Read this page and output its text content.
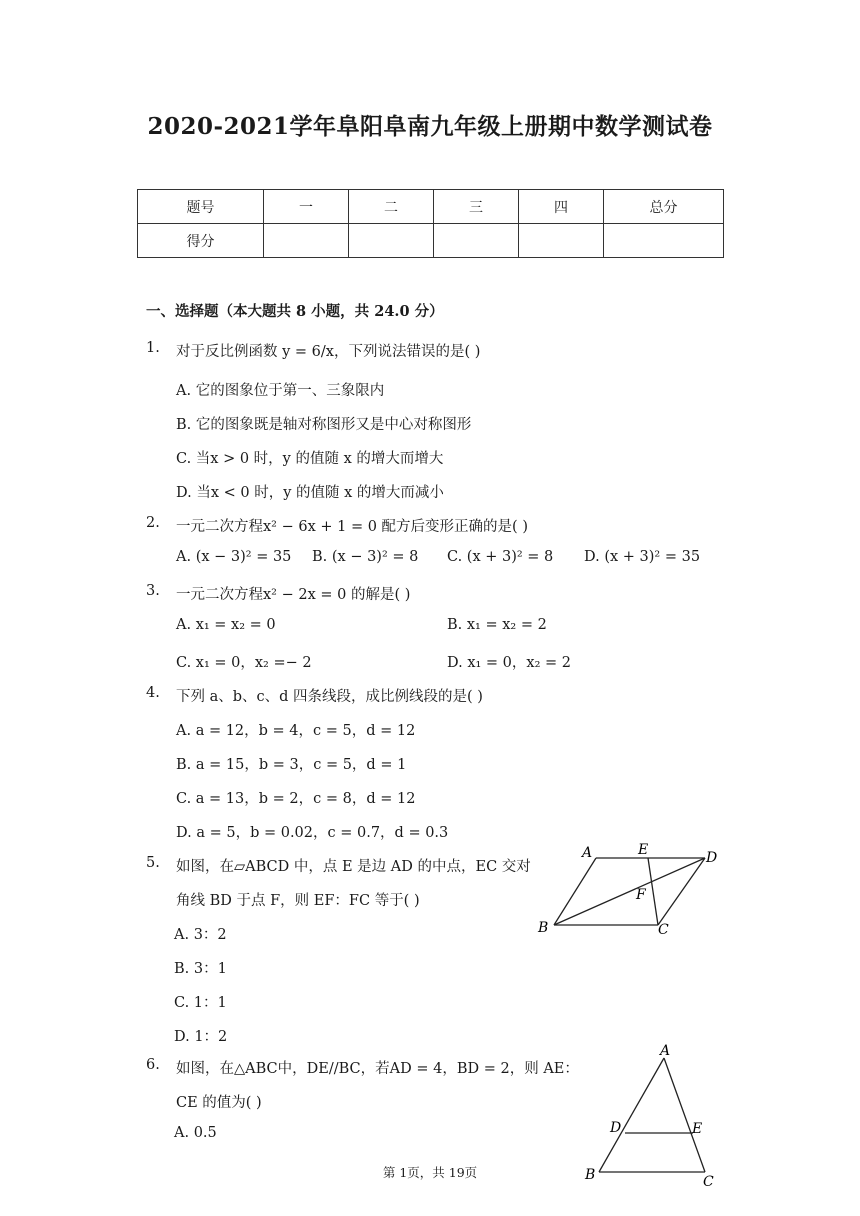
2020-2021学年阜阳阜南九年级上册期中数学测试卷
题号	一	二	三	四	总分
得分					
一、选择题（本大题共 8 小题，共 24.0 分）
1. 对于反比例函数 y = 6/x，下列说法错误的是( )
A. 它的图象位于第一、三象限内
B. 它的图象既是轴对称图形又是中心对称图形
C. 当x > 0 时，y 的值随 x 的增大而增大
D. 当x < 0 时，y 的值随 x 的增大而减小
2. 一元二次方程x² − 6x + 1 = 0 配方后变形正确的是( )
A. (x − 3)² = 35 B. (x − 3)² = 8 C. (x + 3)² = 8 D. (x + 3)² = 35
3. 一元二次方程x² − 2x = 0 的解是( )
A. x₁ = x₂ = 0	B. x₁ = x₂ = 2
C. x₁ = 0，x₂ =− 2	D. x₁ = 0，x₂ = 2
4. 下列 a、b、c、d 四条线段，成比例线段的是( )
A. a = 12，b = 4，c = 5，d = 12
B. a = 15，b = 3，c = 5，d = 1
C. a = 13，b = 2，c = 8，d = 12
D. a = 5，b = 0.02，c = 0.7，d = 0.3
5. 如图，在▱ABCD 中，点 E 是边 AD 的中点，EC 交对
角线 BD 于点 F，则 EF：FC 等于( )
A. 3：2
B. 3：1
C. 1：1
D. 1：2
A	E	D
F
B	C
6. 如图，在△ABC中，DE//BC，若AD = 4，BD = 2，则 AE：
CE 的值为( )
A. 0.5
A
D	E
B	C
第 1页，共 19页
